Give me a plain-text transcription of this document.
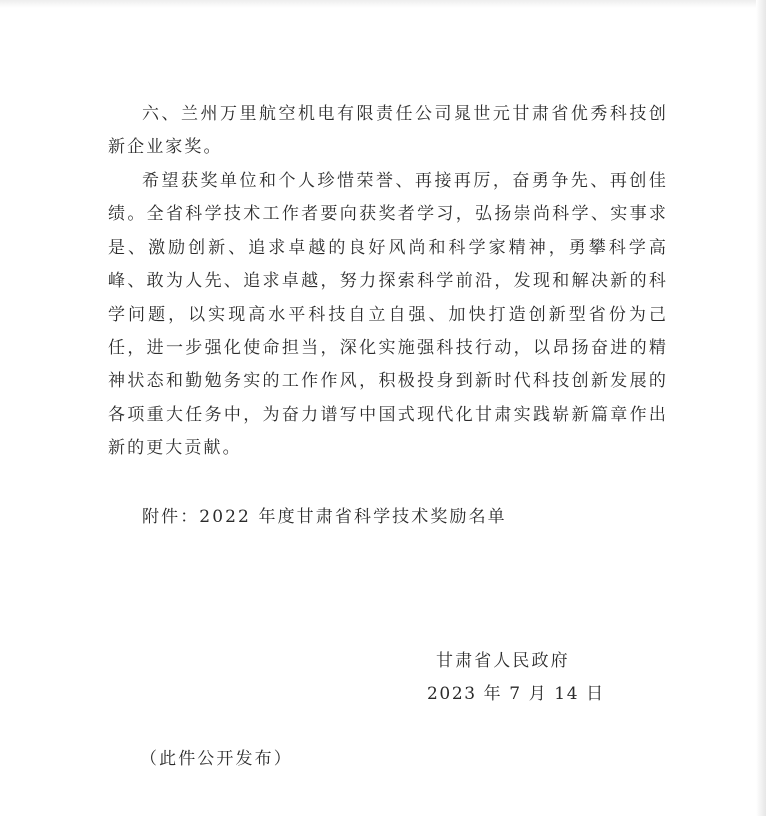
六、兰州万里航空机电有限责任公司晁世元甘肃省优秀科技创新企业家奖。

希望获奖单位和个人珍惜荣誉、再接再厉，奋勇争先、再创佳绩。全省科学技术工作者要向获奖者学习，弘扬崇尚科学、实事求是、激励创新、追求卓越的良好风尚和科学家精神，勇攀科学高峰、敢为人先、追求卓越，努力探索科学前沿，发现和解决新的科学问题，以实现高水平科技自立自强、加快打造创新型省份为己任，进一步强化使命担当，深化实施强科技行动，以昂扬奋进的精神状态和勤勉务实的工作作风，积极投身到新时代科技创新发展的各项重大任务中，为奋力谱写中国式现代化甘肃实践崭新篇章作出新的更大贡献。

附件：2022 年度甘肃省科学技术奖励名单

甘肃省人民政府

2023 年 7 月 14 日

（此件公开发布）
